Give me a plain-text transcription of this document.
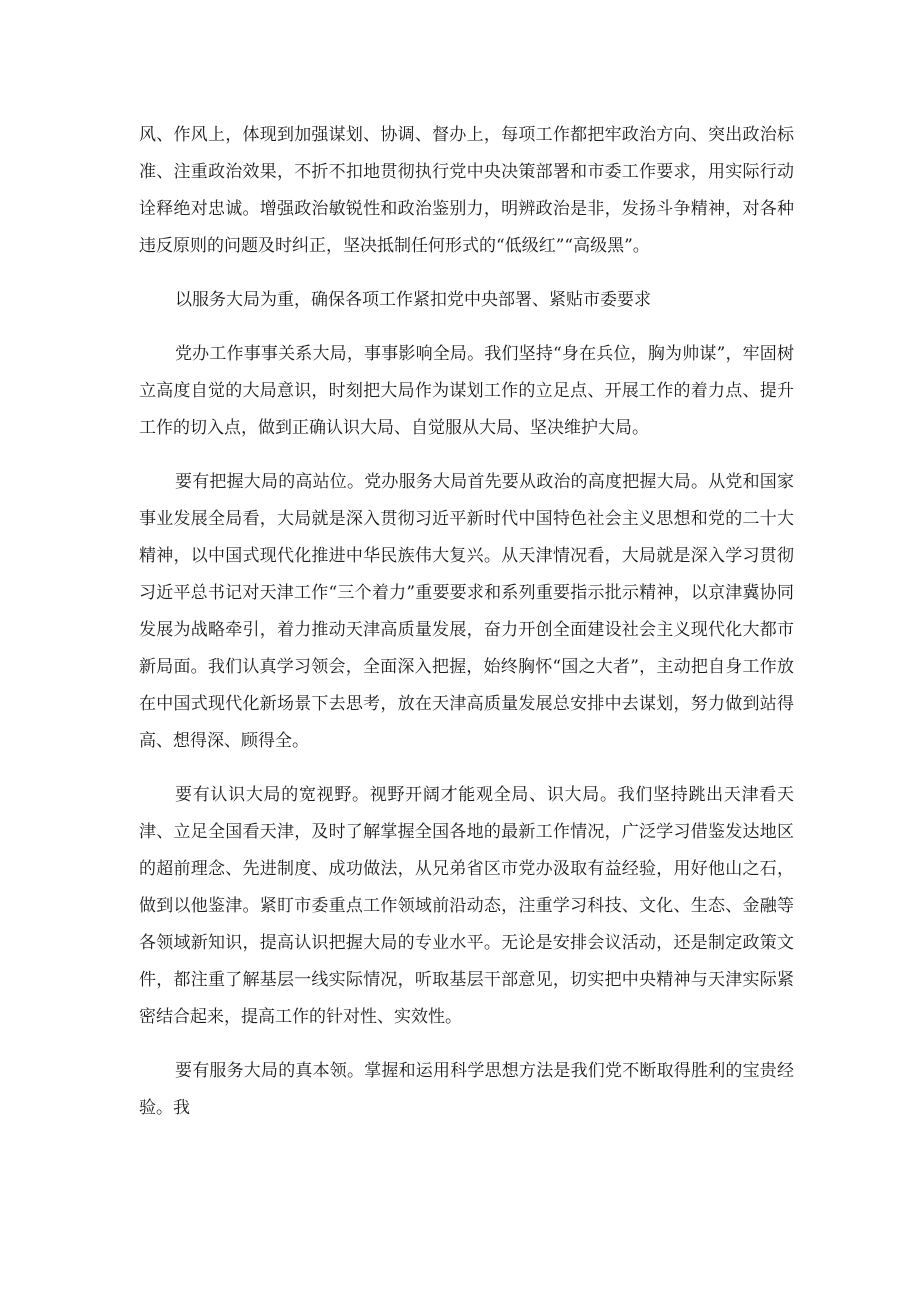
风、作风上，体现到加强谋划、协调、督办上，每项工作都把牢政治方向、突出政治标准、注重政治效果，不折不扣地贯彻执行党中央决策部署和市委工作要求，用实际行动诠释绝对忠诚。增强政治敏锐性和政治鉴别力，明辨政治是非，发扬斗争精神，对各种违反原则的问题及时纠正，坚决抵制任何形式的“低级红”“高级黑”。

以服务大局为重，确保各项工作紧扣党中央部署、紧贴市委要求

党办工作事事关系大局，事事影响全局。我们坚持“身在兵位，胸为帅谋”，牢固树立高度自觉的大局意识，时刻把大局作为谋划工作的立足点、开展工作的着力点、提升工作的切入点，做到正确认识大局、自觉服从大局、坚决维护大局。

要有把握大局的高站位。党办服务大局首先要从政治的高度把握大局。从党和国家事业发展全局看，大局就是深入贯彻习近平新时代中国特色社会主义思想和党的二十大精神，以中国式现代化推进中华民族伟大复兴。从天津情况看，大局就是深入学习贯彻习近平总书记对天津工作“三个着力”重要要求和系列重要指示批示精神，以京津冀协同发展为战略牵引，着力推动天津高质量发展，奋力开创全面建设社会主义现代化大都市新局面。我们认真学习领会，全面深入把握，始终胸怀“国之大者”，主动把自身工作放在中国式现代化新场景下去思考，放在天津高质量发展总安排中去谋划，努力做到站得高、想得深、顾得全。

要有认识大局的宽视野。视野开阔才能观全局、识大局。我们坚持跳出天津看天津、立足全国看天津，及时了解掌握全国各地的最新工作情况，广泛学习借鉴发达地区的超前理念、先进制度、成功做法，从兄弟省区市党办汲取有益经验，用好他山之石，做到以他鉴津。紧盯市委重点工作领域前沿动态，注重学习科技、文化、生态、金融等各领域新知识，提高认识把握大局的专业水平。无论是安排会议活动，还是制定政策文件，都注重了解基层一线实际情况，听取基层干部意见，切实把中央精神与天津实际紧密结合起来，提高工作的针对性、实效性。

要有服务大局的真本领。掌握和运用科学思想方法是我们党不断取得胜利的宝贵经验。我
